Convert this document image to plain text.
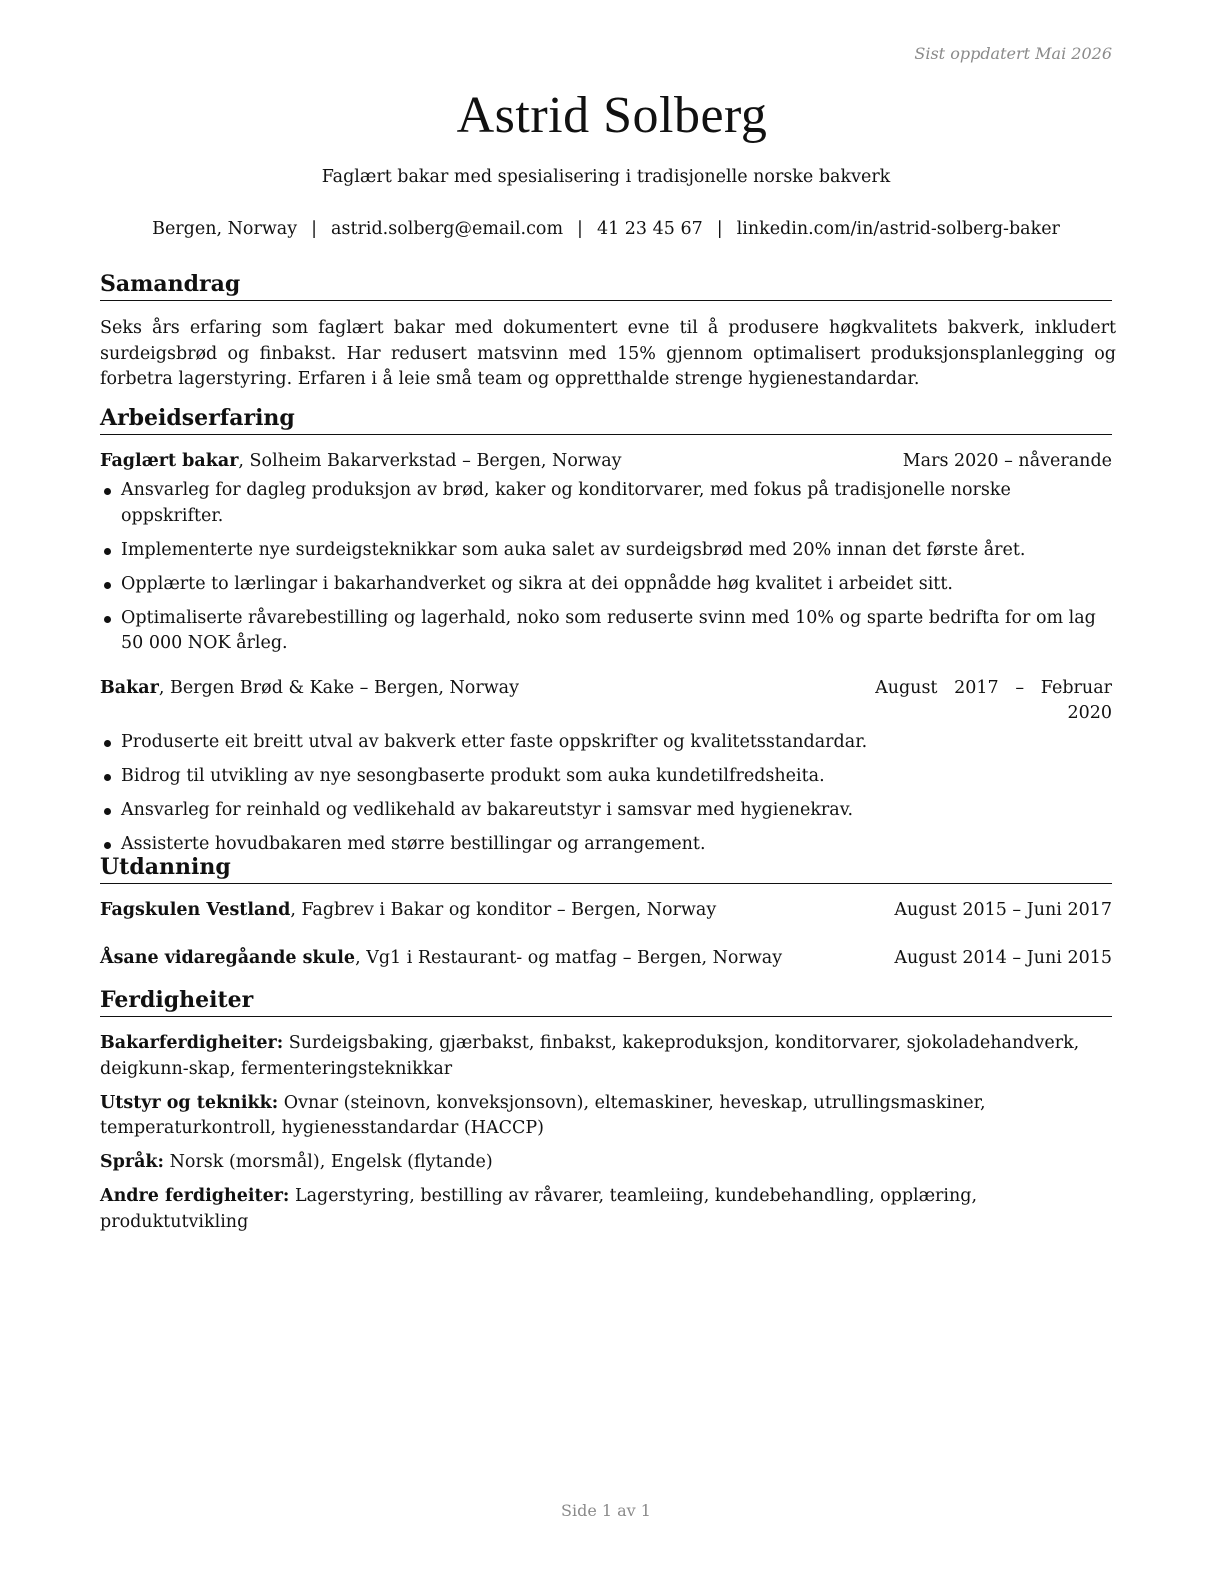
Sist oppdatert Mai 2026
Astrid Solberg
Faglært bakar med spesialisering i tradisjonelle norske bakverk
Bergen, Norway | astrid.solberg@email.com | 41 23 45 67 | linkedin.com/in/astrid-solberg-baker
Samandrag
Seks års erfaring som faglært bakar med dokumentert evne til å produsere høgkvalitets bakverk, inkludert surdeigsbrød og finbakst. Har redusert matsvinn med 15% gjennom optimalisert produksjonsplanlegging og forbetra lagerstyring. Erfaren i å leie små team og oppretthalde strenge hygienestandardar.
Arbeidserfaring
Faglært bakar, Solheim Bakarverkstad – Bergen, Norway	Mars 2020 – nåverande
Ansvarleg for dagleg produksjon av brød, kaker og konditorvarer, med fokus på tradisjonelle norske oppskrifter.
Implementerte nye surdeigsteknikkar som auka salet av surdeigsbrød med 20% innan det første året.
Opplærte to lærlingar i bakarhandverket og sikra at dei oppnådde høg kvalitet i arbeidet sitt.
Optimaliserte råvarebestilling og lagerhald, noko som reduserte svinn med 10% og sparte bedrifta for om lag 50 000 NOK årleg.
Bakar, Bergen Brød & Kake – Bergen, Norway	August   2017   –   Februar
2020
Produserte eit breitt utval av bakverk etter faste oppskrifter og kvalitetsstandardar.
Bidrog til utvikling av nye sesongbaserte produkt som auka kundetilfredsheita.
Ansvarleg for reinhald og vedlikehald av bakareutstyr i samsvar med hygienekrav.
Assisterte hovudbakaren med større bestillingar og arrangement.
Utdanning
Fagskulen Vestland, Fagbrev i Bakar og konditor – Bergen, Norway	August 2015 – Juni 2017
Åsane vidaregåande skule, Vg1 i Restaurant- og matfag – Bergen, Norway	August 2014 – Juni 2015
Ferdigheiter
Bakarferdigheiter: Surdeigsbaking, gjærbakst, finbakst, kakeproduksjon, konditorvarer, sjokoladehandverk, deigkunn-skap, fermenteringsteknikkar
Utstyr og teknikk: Ovnar (steinovn, konveksjonsovn), eltemaskiner, heveskap, utrullingsmaskiner, temperaturkontroll, hygienesstandardar (HACCP)
Språk: Norsk (morsmål), Engelsk (flytande)
Andre ferdigheiter: Lagerstyring, bestilling av råvarer, teamleiing, kundebehandling, opplæring, produktutvikling
Side 1 av 1
